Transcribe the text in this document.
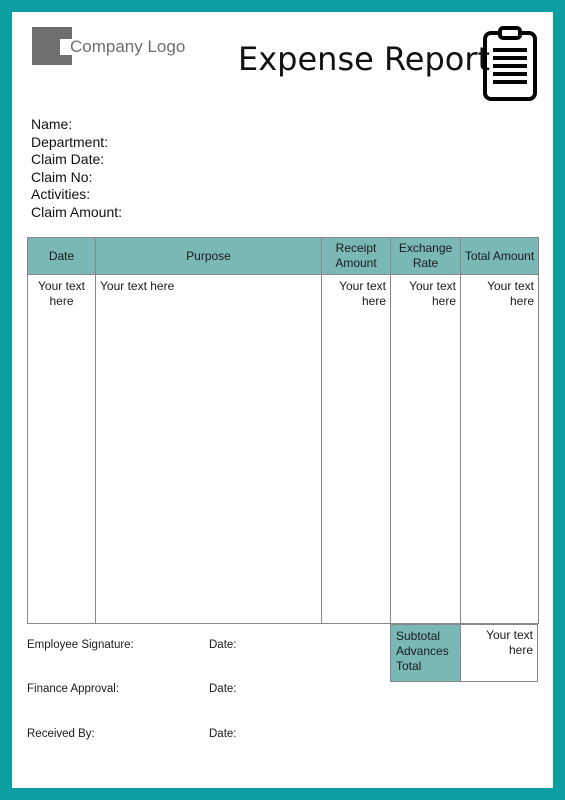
Company Logo Expense Report
Name:
Department:
Claim Date:
Claim No:
Activities:
Claim Amount:
Date	Purpose	Receipt Amount	Exchange Rate	Total Amount
Your text here	Your text here	Your text here	Your text here	Your text here
Subtotal Advances Total	Your text here
Employee Signature:	Date:
Finance Approval:	Date:
Received By:	Date:
